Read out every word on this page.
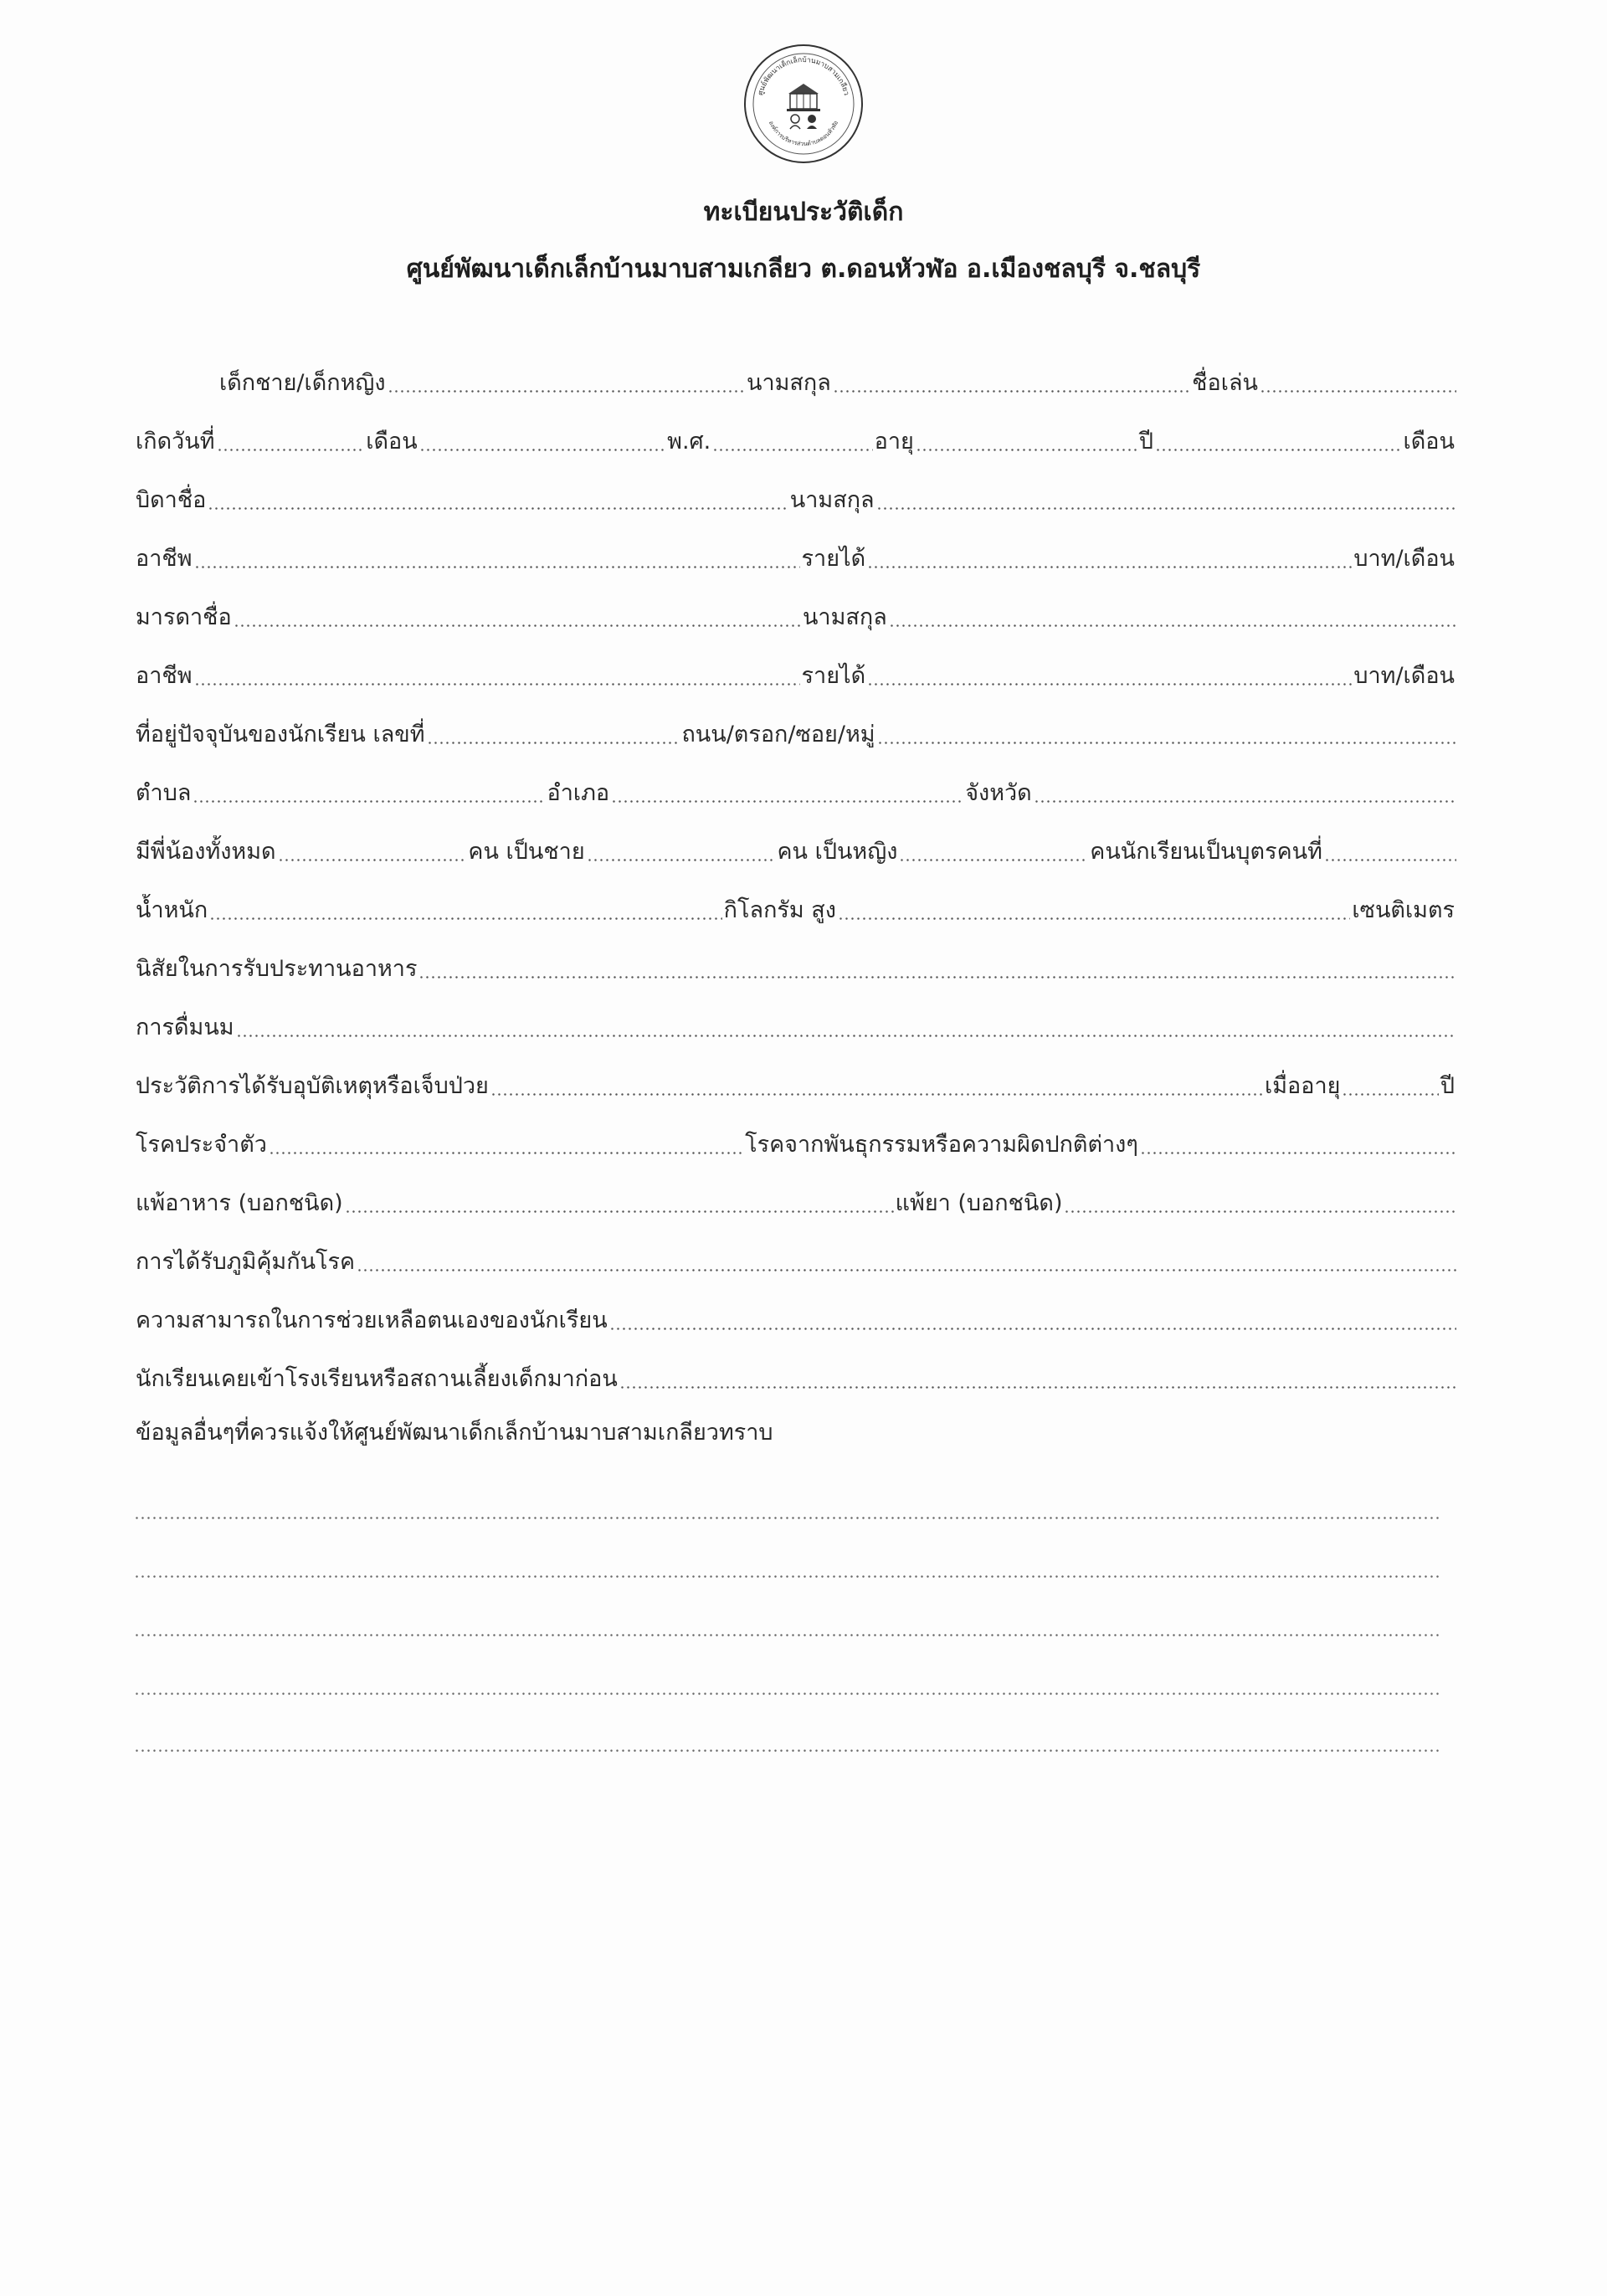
ศูนย์พัฒนาเด็กเล็กบ้านมาบสามเกลียว
องค์การบริหารส่วนตำบลดอนหัวฬ่อ
ทะเบียนประวัติเด็ก
ศูนย์พัฒนาเด็กเล็กบ้านมาบสามเกลียว ต.ดอนหัวฬ่อ อ.เมืองชลบุรี จ.ชลบุรี
เด็กชาย/เด็กหญิง	นามสกุล	ชื่อเล่น
เกิดวันที่	เดือน	พ.ศ.	อายุ	ปี	เดือน
บิดาชื่อ	นามสกุล
อาชีพ	รายได้	บาท/เดือน
มารดาชื่อ	นามสกุล
อาชีพ	รายได้	บาท/เดือน
ที่อยู่ปัจจุบันของนักเรียน เลขที่	ถนน/ตรอก/ซอย/หมู่
ตำบล	อำเภอ	จังหวัด
มีพี่น้องทั้งหมด	คน เป็นชาย	คน เป็นหญิง	คนนักเรียนเป็นบุตรคนที่
น้ำหนัก	กิโลกรัม สูง	เซนติเมตร
นิสัยในการรับประทานอาหาร
การดื่มนม
ประวัติการได้รับอุบัติเหตุหรือเจ็บป่วย	เมื่ออายุ	ปี
โรคประจำตัว	โรคจากพันธุกรรมหรือความผิดปกติต่างๆ
แพ้อาหาร (บอกชนิด)	แพ้ยา (บอกชนิด)
การได้รับภูมิคุ้มกันโรค
ความสามารถในการช่วยเหลือตนเองของนักเรียน
นักเรียนเคยเข้าโรงเรียนหรือสถานเลี้ยงเด็กมาก่อน
ข้อมูลอื่นๆที่ควรแจ้งให้ศูนย์พัฒนาเด็กเล็กบ้านมาบสามเกลียวทราบ
